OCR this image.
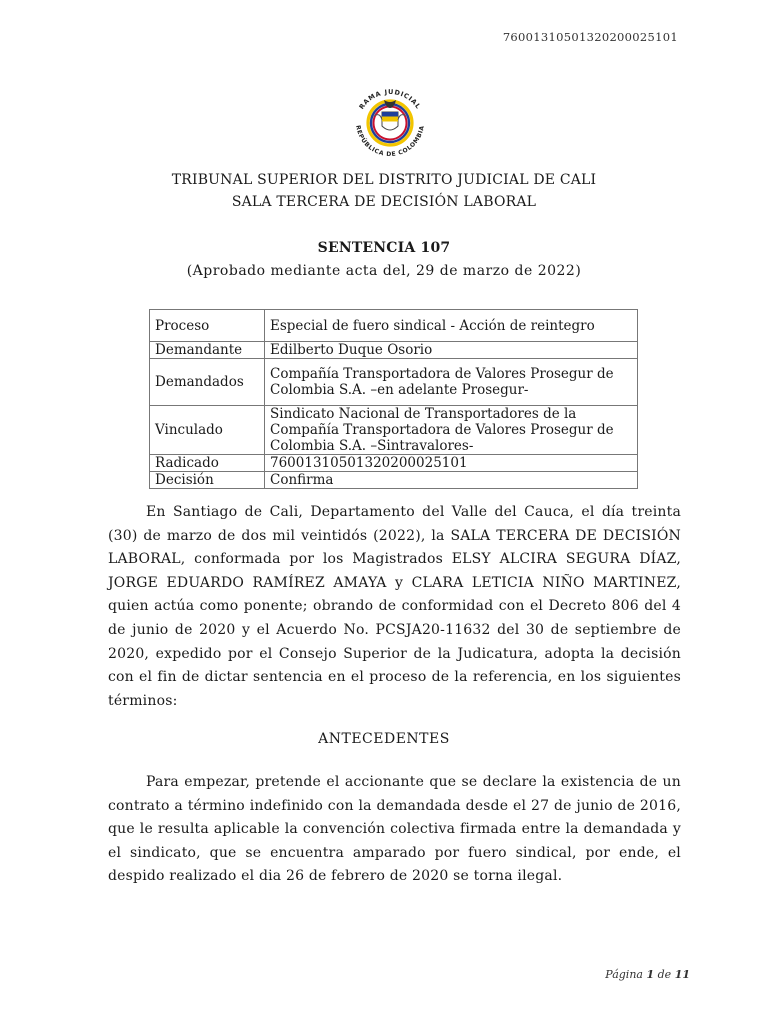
76001310501320200025101
RAMA JUDICIAL
REPÚBLICA DE COLOMBIA
TRIBUNAL SUPERIOR DEL DISTRITO JUDICIAL DE CALI
SALA TERCERA DE DECISIÓN LABORAL
SENTENCIA 107
(Aprobado mediante acta del, 29 de marzo de 2022)
Proceso	Especial de fuero sindical - Acción de reintegro
Demandante	Edilberto Duque Osorio
Demandados	Compañía Transportadora de Valores Prosegur de Colombia S.A. –en adelante Prosegur-
Vinculado	Sindicato Nacional de Transportadores de la Compañía Transportadora de Valores Prosegur de Colombia S.A. –Sintravalores-
Radicado	76001310501320200025101
Decisión	Confirma
En Santiago de Cali, Departamento del Valle del Cauca, el día treinta (30) de marzo de dos mil veintidós (2022), la SALA TERCERA DE DECISIÓN LABORAL, conformada por los Magistrados ELSY ALCIRA SEGURA DÍAZ, JORGE EDUARDO RAMÍREZ AMAYA y CLARA LETICIA NIÑO MARTINEZ, quien actúa como ponente; obrando de conformidad con el Decreto 806 del 4 de junio de 2020 y el Acuerdo No. PCSJA20-11632 del 30 de septiembre de 2020, expedido por el Consejo Superior de la Judicatura, adopta la decisión con el fin de dictar sentencia en el proceso de la referencia, en los siguientes términos:
ANTECEDENTES
Para empezar, pretende el accionante que se declare la existencia de un contrato a término indefinido con la demandada desde el 27 de junio de 2016, que le resulta aplicable la convención colectiva firmada entre la demandada y el sindicato, que se encuentra amparado por fuero sindical, por ende, el despido realizado el dia 26 de febrero de 2020 se torna ilegal.
Página 1 de 11
